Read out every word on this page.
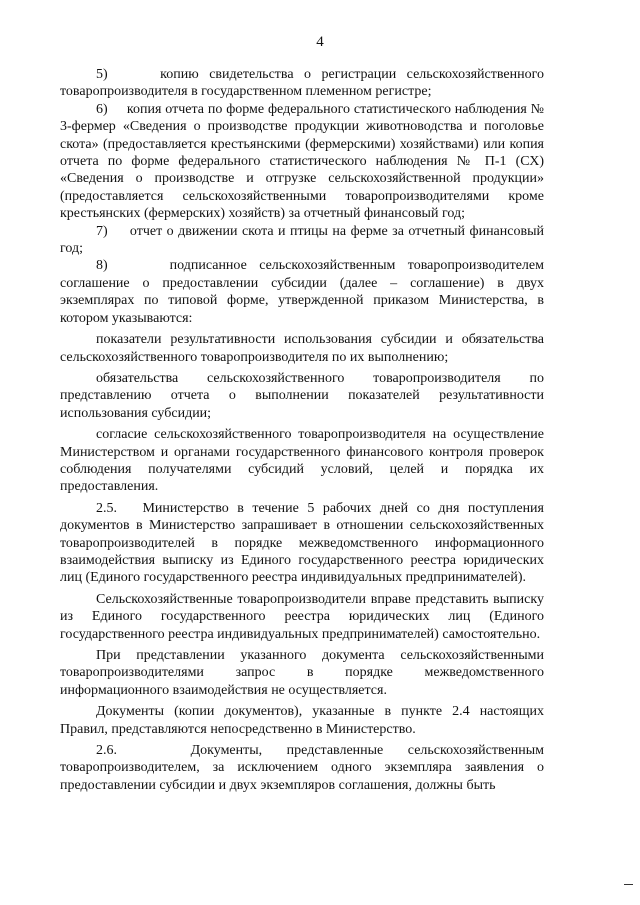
4

5)     копию свидетельства о регистрации сельскохозяйственного товаропроизводителя в государственном племенном регистре;

6)     копия отчета по форме федерального статистического наблюдения № 3-фермер «Сведения о производстве продукции животноводства и поголовье скота» (предоставляется крестьянскими (фермерскими) хозяйствами) или копия отчета по форме федерального статистического наблюдения № П-1 (СХ) «Сведения о производстве и отгрузке сельскохозяйственной продукции» (предоставляется сельскохозяйственными товаропроизводителями кроме крестьянских (фермерских) хозяйств) за отчетный финансовый год;

7)     отчет о движении скота и птицы на ферме за отчетный финансовый год;

8)     подписанное сельскохозяйственным товаропроизводителем соглашение о предоставлении субсидии (далее – соглашение) в двух экземплярах по типовой форме, утвержденной приказом Министерства, в котором указываются:

показатели результативности использования субсидии и обязательства сельскохозяйственного товаропроизводителя по их выполнению;

обязательства сельскохозяйственного товаропроизводителя по представлению отчета о выполнении показателей результативности использования субсидии;

согласие сельскохозяйственного товаропроизводителя на осуществление Министерством и органами государственного финансового контроля проверок соблюдения получателями субсидий условий, целей и порядка их предоставления.

2.5.   Министерство в течение 5 рабочих дней со дня поступления документов в Министерство запрашивает в отношении сельскохозяйственных товаропроизводителей в порядке межведомственного информационного взаимодействия выписку из Единого государственного реестра юридических лиц (Единого государственного реестра индивидуальных предпринимателей).

Сельскохозяйственные товаропроизводители вправе представить выписку из Единого государственного реестра юридических лиц (Единого государственного реестра индивидуальных предпринимателей) самостоятельно.

При представлении указанного документа сельскохозяйственными товаропроизводителями запрос в порядке межведомственного информационного взаимодействия не осуществляется.

Документы (копии документов), указанные в пункте 2.4 настоящих Правил, представляются непосредственно в Министерство.

2.6.   Документы, представленные сельскохозяйственным товаропроизводителем, за исключением одного экземпляра заявления о предоставлении субсидии и двух экземпляров соглашения, должны быть
